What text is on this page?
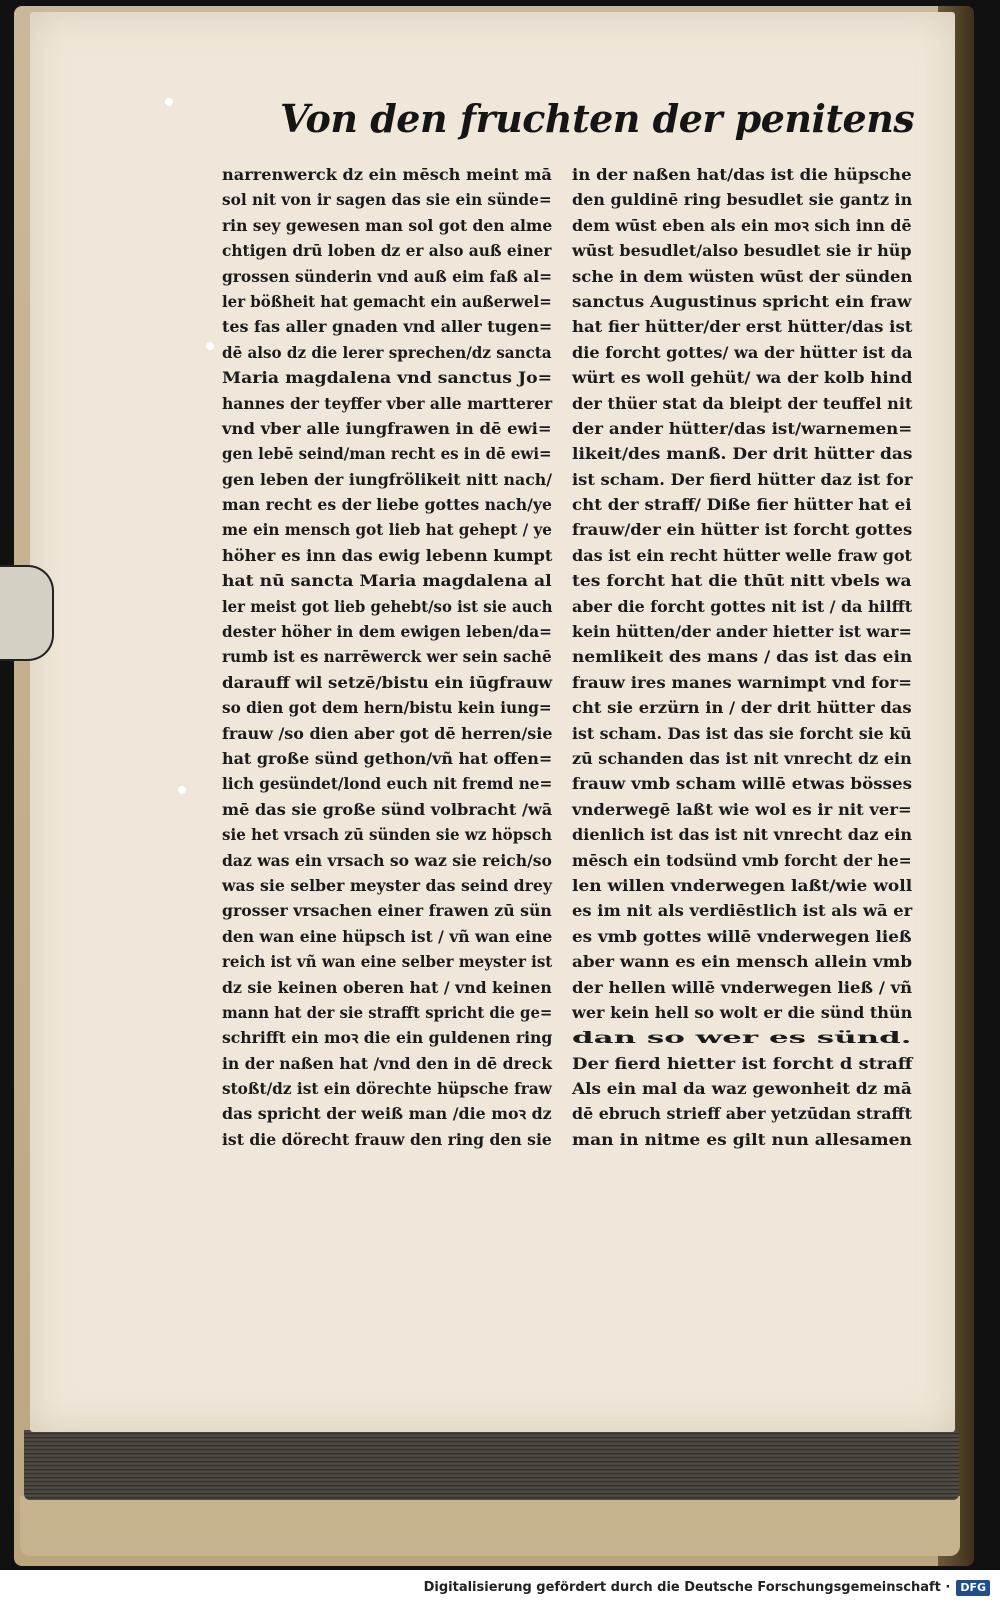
Von den fruchten der penitens
narrenwerck dz ein mēsch meint mā
sol nit von ir sagen das sie ein sünde=
rin sey gewesen man sol got den alme
chtigen drū loben dz er also auß einer
grossen sünderin vnd auß eim faß al=
ler bößheit hat gemacht ein außerwel=
tes fas aller gnaden vnd aller tugen=
dē also dz die lerer sprechen/dz sancta
Maria magdalena vnd sanctus Jo=
hannes der teyffer vber alle martterer
vnd vber alle iungfrawen in dē ewi=
gen lebē seind/man recht es in dē ewi=
gen leben der iungfrölikeit nitt nach/
man recht es der liebe gottes nach/ye
me ein mensch got lieb hat gehept / ye
höher es inn das ewig lebenn kumpt
hat nū sancta Maria magdalena al
ler meist got lieb gehebt/so ist sie auch
dester höher in dem ewigen leben/da=
rumb ist es narrēwerck wer sein sachē
darauff wil setzē/bistu ein iūgfrauw
so dien got dem hern/bistu kein iung=
frauw /so dien aber got dē herren/sie
hat große sünd gethon/vñ hat offen=
lich gesündet/lond euch nit fremd ne=
mē das sie große sünd volbracht /wā
sie het vrsach zū sünden sie wz höpsch
daz was ein vrsach so waz sie reich/so
was sie selber meyster das seind drey
grosser vrsachen einer frawen zū sün
den wan eine hüpsch ist / vñ wan eine
reich ist vñ wan eine selber meyster ist
dz sie keinen oberen hat / vnd keinen
mann hat der sie strafft spricht die ge=
schrifft ein moꝛ die ein guldenen ring
in der naßen hat /vnd den in dē dreck
stoßt/dz ist ein dörechte hüpsche fraw
das spricht der weiß man /die moꝛ dz
ist die dörecht frauw den ring den sie
in der naßen hat/das ist die hüpsche
den guldinē ring besudlet sie gantz in
dem wūst eben als ein moꝛ sich inn dē
wūst besudlet/also besudlet sie ir hüp
sche in dem wüsten wūst der sünden
sanctus Augustinus spricht ein fraw
hat fier hütter/der erst hütter/das ist
die forcht gottes/ wa der hütter ist da
würt es woll gehüt/ wa der kolb hind
der thüer stat da bleipt der teuffel nit
der ander hütter/das ist/warnemen=
likeit/des manß. Der drit hütter das
ist scham. Der fierd hütter daz ist for
cht der straff/ Diße fier hütter hat ei
frauw/der ein hütter ist forcht gottes
das ist ein recht hütter welle fraw got
tes forcht hat die thūt nitt vbels wa
aber die forcht gottes nit ist / da hilfft
kein hütten/der ander hietter ist war=
nemlikeit des mans / das ist das ein
frauw ires manes warnimpt vnd for=
cht sie erzürn in / der drit hütter das
ist scham. Das ist das sie forcht sie kū
zū schanden das ist nit vnrecht dz ein
frauw vmb scham willē etwas bösses
vnderwegē laßt wie wol es ir nit ver=
dienlich ist das ist nit vnrecht daz ein
mēsch ein todsünd vmb forcht der he=
len willen vnderwegen laßt/wie woll
es im nit als verdiēstlich ist als wā er
es vmb gottes willē vnderwegen ließ
aber wann es ein mensch allein vmb
der hellen willē vnderwegen ließ / vñ
wer kein hell so wolt er die sünd thün
dan so wer es sünd.
Der fierd hietter ist forcht d straff
Als ein mal da waz gewonheit dz mā
dē ebruch strieff aber yetzūdan strafft
man in nitme es gilt nun allesamen
Digitalisierung gefördert durch die Deutsche Forschungsgemeinschaft · DFG
